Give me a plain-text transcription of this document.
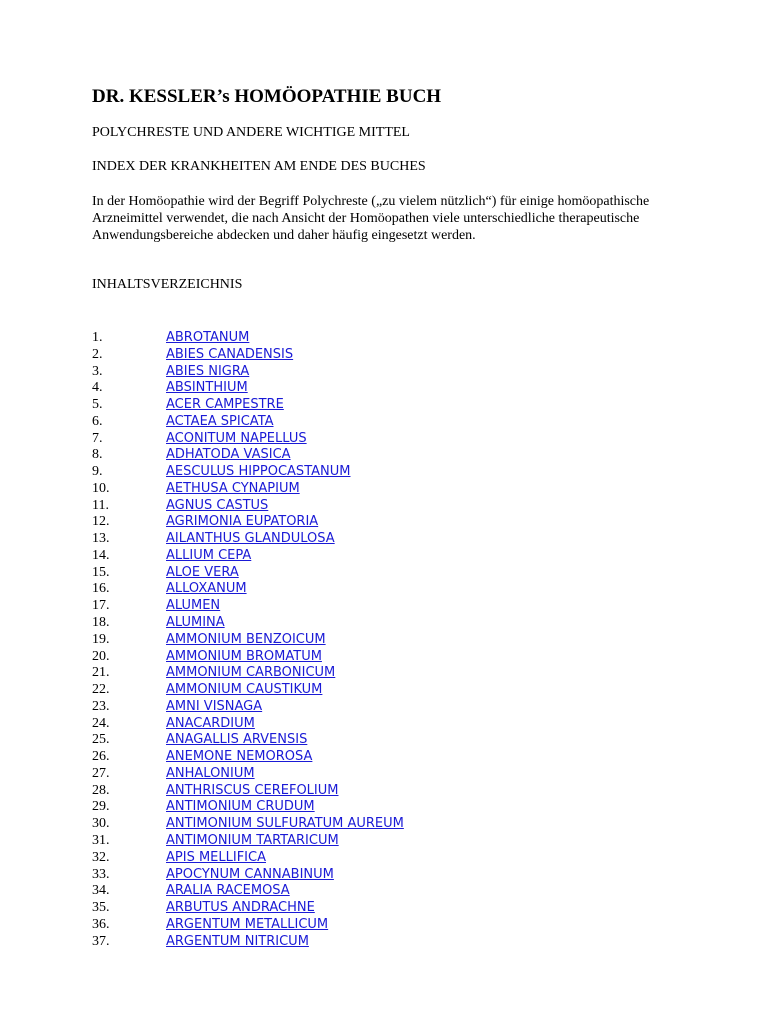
DR. KESSLER’s HOMÖOPATHIE BUCH

POLYCHRESTE UND ANDERE WICHTIGE MITTEL

INDEX DER KRANKHEITEN AM ENDE DES BUCHES

In der Homöopathie wird der Begriff Polychreste („zu vielem nützlich“) für einige homöopathische Arzneimittel verwendet, die nach Ansicht der Homöopathen viele unterschiedliche therapeutische Anwendungsbereiche abdecken und daher häufig eingesetzt werden.

INHALTSVERZEICHNIS

1.	ABROTANUM
2.	ABIES CANADENSIS
3.	ABIES NIGRA
4.	ABSINTHIUM
5.	ACER CAMPESTRE
6.	ACTAEA SPICATA
7.	ACONITUM NAPELLUS
8.	ADHATODA VASICA
9.	AESCULUS HIPPOCASTANUM
10.	AETHUSA CYNAPIUM
11.	AGNUS CASTUS
12.	AGRIMONIA EUPATORIA
13.	AILANTHUS GLANDULOSA
14.	ALLIUM CEPA
15.	ALOE VERA
16.	ALLOXANUM
17.	ALUMEN
18.	ALUMINA
19.	AMMONIUM BENZOICUM
20.	AMMONIUM BROMATUM
21.	AMMONIUM CARBONICUM
22.	AMMONIUM CAUSTIKUM
23.	AMNI VISNAGA
24.	ANACARDIUM
25.	ANAGALLIS ARVENSIS
26.	ANEMONE NEMOROSA
27.	ANHALONIUM
28.	ANTHRISCUS CEREFOLIUM
29.	ANTIMONIUM CRUDUM
30.	ANTIMONIUM SULFURATUM AUREUM
31.	ANTIMONIUM TARTARICUM
32.	APIS MELLIFICA
33.	APOCYNUM CANNABINUM
34.	ARALIA RACEMOSA
35.	ARBUTUS ANDRACHNE
36.	ARGENTUM METALLICUM
37.	ARGENTUM NITRICUM
